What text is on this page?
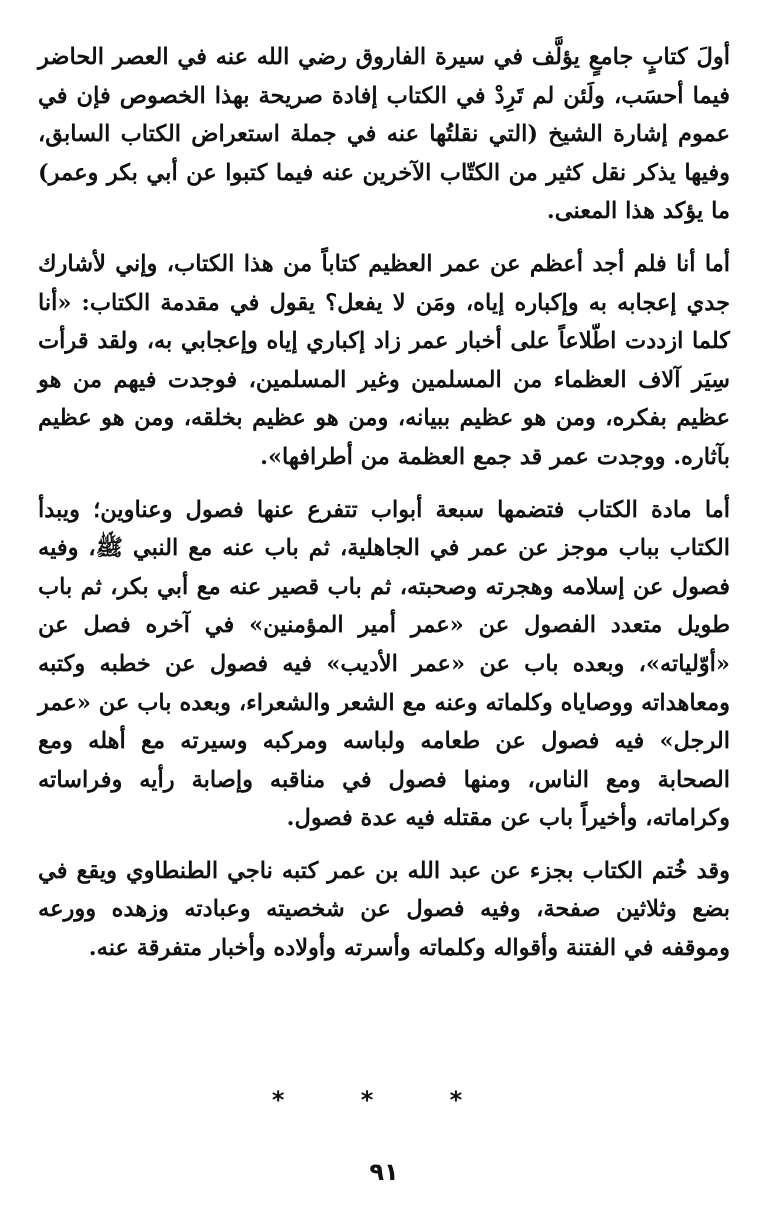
أولَ كتابٍ جامعٍ يؤلَّف في سيرة الفاروق رضي الله عنه في العصر الحاضر فيما أحسَب، ولَئن لم تَرِدْ في الكتاب إفادة صريحة بهذا الخصوص فإن في عموم إشارة الشيخ (التي نقلتُها عنه في جملة استعراض الكتاب السابق، وفيها يذكر نقل كثير من الكتّاب الآخرين عنه فيما كتبوا عن أبي بكر وعمر) ما يؤكد هذا المعنى.

أما أنا فلم أجد أعظم عن عمر العظيم كتاباً من هذا الكتاب، وإني لأشارك جدي إعجابه به وإكباره إياه، ومَن لا يفعل؟ يقول في مقدمة الكتاب: «أنا كلما ازددت اطّلاعاً على أخبار عمر زاد إكباري إياه وإعجابي به، ولقد قرأت سِيَر آلاف العظماء من المسلمين وغير المسلمين، فوجدت فيهم من هو عظيم بفكره، ومن هو عظيم ببيانه، ومن هو عظيم بخلقه، ومن هو عظيم بآثاره. ووجدت عمر قد جمع العظمة من أطرافها».

أما مادة الكتاب فتضمها سبعة أبواب تتفرع عنها فصول وعناوين؛ ويبدأ الكتاب بباب موجز عن عمر في الجاهلية، ثم باب عنه مع النبي ﷺ، وفيه فصول عن إسلامه وهجرته وصحبته، ثم باب قصير عنه مع أبي بكر، ثم باب طويل متعدد الفصول عن «عمر أمير المؤمنين» في آخره فصل عن «أوّلياته»، وبعده باب عن «عمر الأديب» فيه فصول عن خطبه وكتبه ومعاهداته ووصاياه وكلماته وعنه مع الشعر والشعراء، وبعده باب عن «عمر الرجل» فيه فصول عن طعامه ولباسه ومركبه وسيرته مع أهله ومع الصحابة ومع الناس، ومنها فصول في مناقبه وإصابة رأيه وفراساته وكراماته، وأخيراً باب عن مقتله فيه عدة فصول.

وقد خُتم الكتاب بجزء عن عبد الله بن عمر كتبه ناجي الطنطاوي ويقع في بضع وثلاثين صفحة، وفيه فصول عن شخصيته وعبادته وزهده وورعه وموقفه في الفتنة وأقواله وكلماته وأسرته وأولاده وأخبار متفرقة عنه.

* * *
٩١
